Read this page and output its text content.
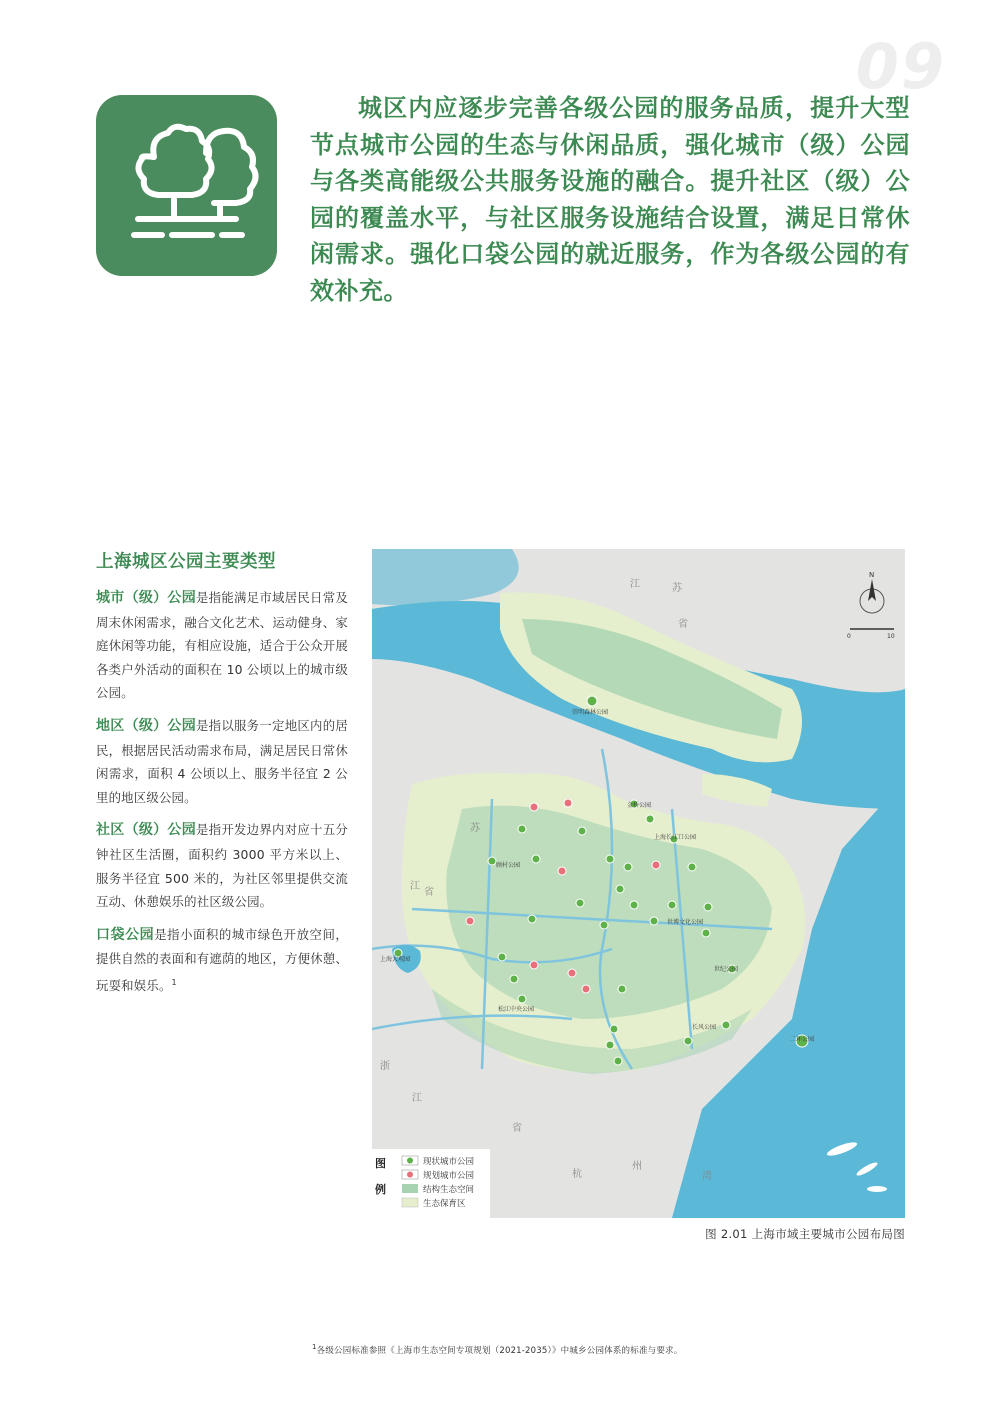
09
城区内应逐步完善各级公园的服务品质，提升大型节点城市公园的生态与休闲品质，强化城市（级）公园与各类高能级公共服务设施的融合。提升社区（级）公园的覆盖水平，与社区服务设施结合设置，满足日常休闲需求。强化口袋公园的就近服务，作为各级公园的有效补充。
上海城区公园主要类型

城市（级）公园是指能满足市域居民日常及周末休闲需求，融合文化艺术、运动健身、家庭休闲等功能，有相应设施，适合于公众开展各类户外活动的面积在 10 公顷以上的城市级公园。

地区（级）公园是指以服务一定地区内的居民，根据居民活动需求布局，满足居民日常休闲需求，面积 4 公顷以上、服务半径宜 2 公里的地区级公园。

社区（级）公园是指开发边界内对应十五分钟社区生活圈，面积约 3000 平方米以上、服务半径宜 500 米的，为社区邻里提供交流互动、休憩娱乐的社区级公园。

口袋公园是指小面积的城市绿色开放空间，提供自然的表面和有遮荫的地区，方便休憩、玩耍和娱乐。$^1$

江	苏
省
苏
江
省
浙
江
省
杭
州
湾
N
0	10
崇明森林公园
金桥公园
上海长江口公园
世博文化公园
世纪公园
二环公园
顾村公园
上海大观园
松江中央公园
长风公园
图
例
现状城市公园
规划城市公园
结构生态空间
生态保育区
图 2.01 上海市域主要城市公园布局图
$^1$各级公园标准参照《上海市生态空间专项规划（2021-2035）》中城乡公园体系的标准与要求。
